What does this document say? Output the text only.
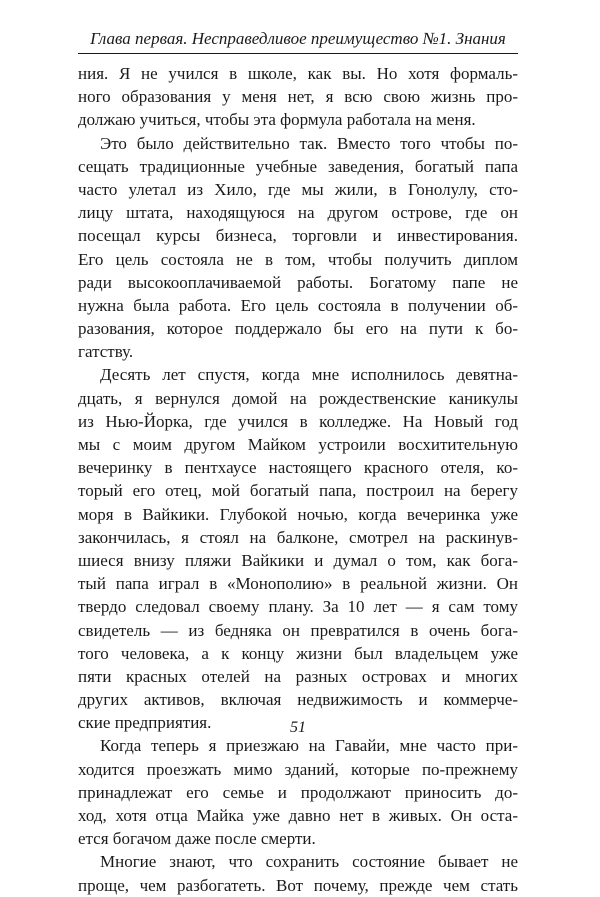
Глава первая. Несправедливое преимущество №1. Знания
ния. Я не учился в школе, как вы. Но хотя формаль-
ного образования у меня нет, я всю свою жизнь про-
должаю учиться, чтобы эта формула работала на меня.
Это было действительно так. Вместо того чтобы по-
сещать традиционные учебные заведения, богатый папа
часто улетал из Хило, где мы жили, в Гонолулу, сто-
лицу штата, находящуюся на другом острове, где он
посещал курсы бизнеса, торговли и инвестирования.
Его цель состояла не в том, чтобы получить диплом
ради высокооплачиваемой работы. Богатому папе не
нужна была работа. Его цель состояла в получении об-
разования, которое поддержало бы его на пути к бо-
гатству.
Десять лет спустя, когда мне исполнилось девятна-
дцать, я вернулся домой на рождественские каникулы
из Нью-Йорка, где учился в колледже. На Новый год
мы с моим другом Майком устроили восхитительную
вечеринку в пентхаусе настоящего красного отеля, ко-
торый его отец, мой богатый папа, построил на берегу
моря в Вайкики. Глубокой ночью, когда вечеринка уже
закончилась, я стоял на балконе, смотрел на раскинув-
шиеся внизу пляжи Вайкики и думал о том, как бога-
тый папа играл в «Монополию» в реальной жизни. Он
твердо следовал своему плану. За 10 лет — я сам тому
свидетель — из бедняка он превратился в очень бога-
того человека, а к концу жизни был владельцем уже
пяти красных отелей на разных островах и многих
других активов, включая недвижимость и коммерче-
ские предприятия.
Когда теперь я приезжаю на Гавайи, мне часто при-
ходится проезжать мимо зданий, которые по-прежнему
принадлежат его семье и продолжают приносить до-
ход, хотя отца Майка уже давно нет в живых. Он оста-
ется богачом даже после смерти.
Многие знают, что сохранить состояние бывает не
проще, чем разбогатеть. Вот почему, прежде чем стать
51
